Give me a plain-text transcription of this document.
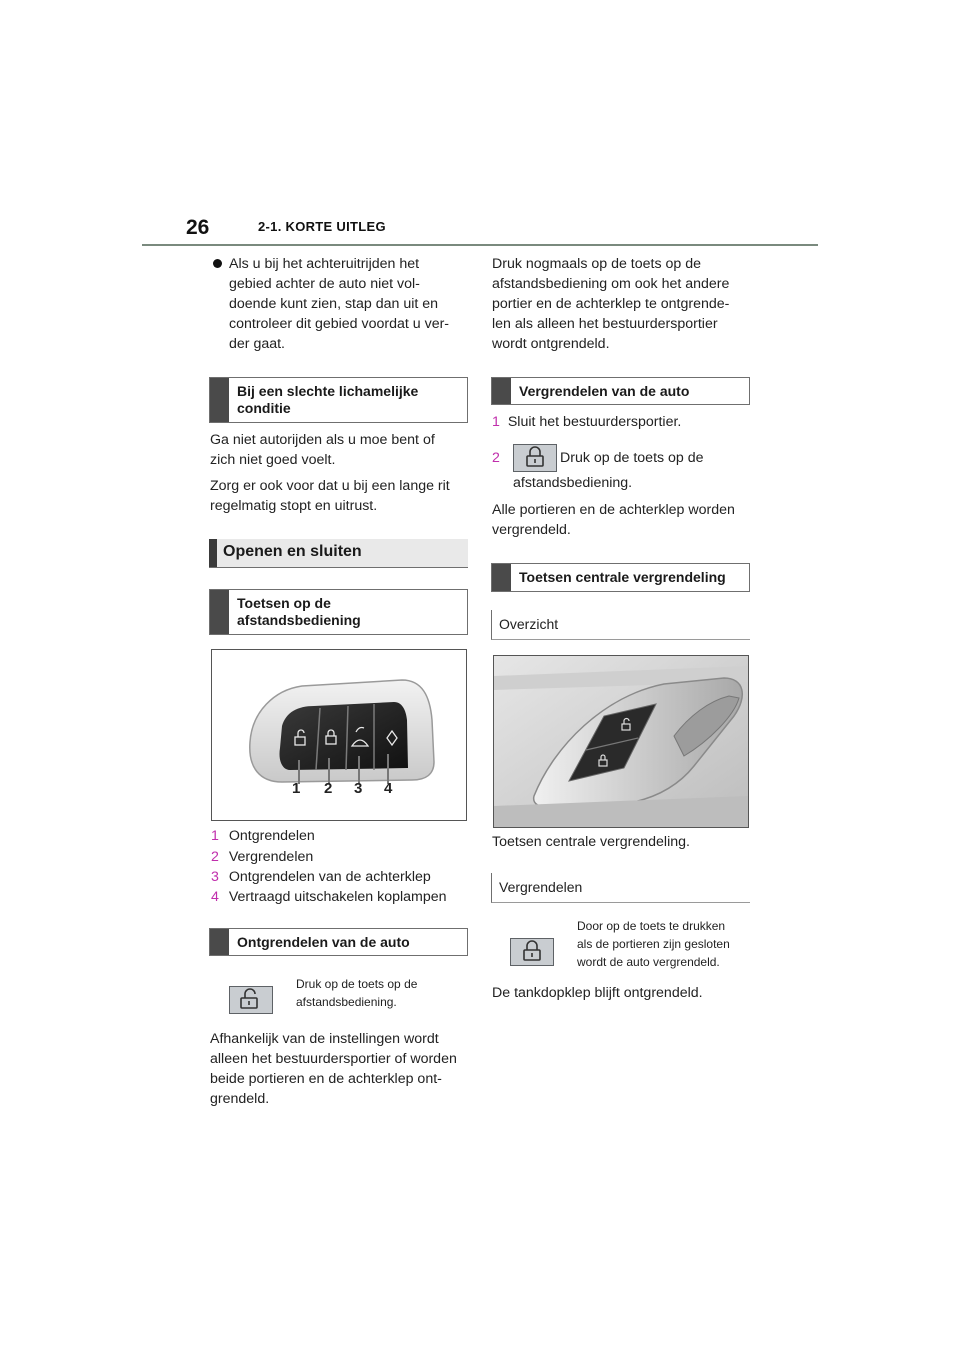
26	2-1. KORTE UITLEG
Als u bij het achteruitrijden het
gebied achter de auto niet vol-
doende kunt zien, stap dan uit en
controleer dit gebied voordat u ver-
der gaat.
Bij een slechte lichamelijke
conditie
Ga niet autorijden als u moe bent of
zich niet goed voelt.
Zorg er ook voor dat u bij een lange rit
regelmatig stopt en uitrust.
Openen en sluiten
Toetsen op de
afstandsbediening
1 2 3 4
1 Ontgrendelen
2 Vergrendelen
3 Ontgrendelen van de achterklep
4 Vertraagd uitschakelen koplampen
Ontgrendelen van de auto
Druk op de toets op de
afstandsbediening.
Afhankelijk van de instellingen wordt
alleen het bestuurdersportier of worden
beide portieren en de achterklep ont-
grendeld.
Druk nogmaals op de toets op de
afstandsbediening om ook het andere
portier en de achterklep te ontgrende-
len als alleen het bestuurdersportier
wordt ontgrendeld.
Vergrendelen van de auto
1 Sluit het bestuurdersportier.
2	Druk op de toets op de
afstandsbediening.
Alle portieren en de achterklep worden
vergrendeld.
Toetsen centrale vergrendeling
Overzicht
Toetsen centrale vergrendeling.
Vergrendelen
Door op de toets te drukken
als de portieren zijn gesloten
wordt de auto vergrendeld.
De tankdopklep blijft ontgrendeld.
